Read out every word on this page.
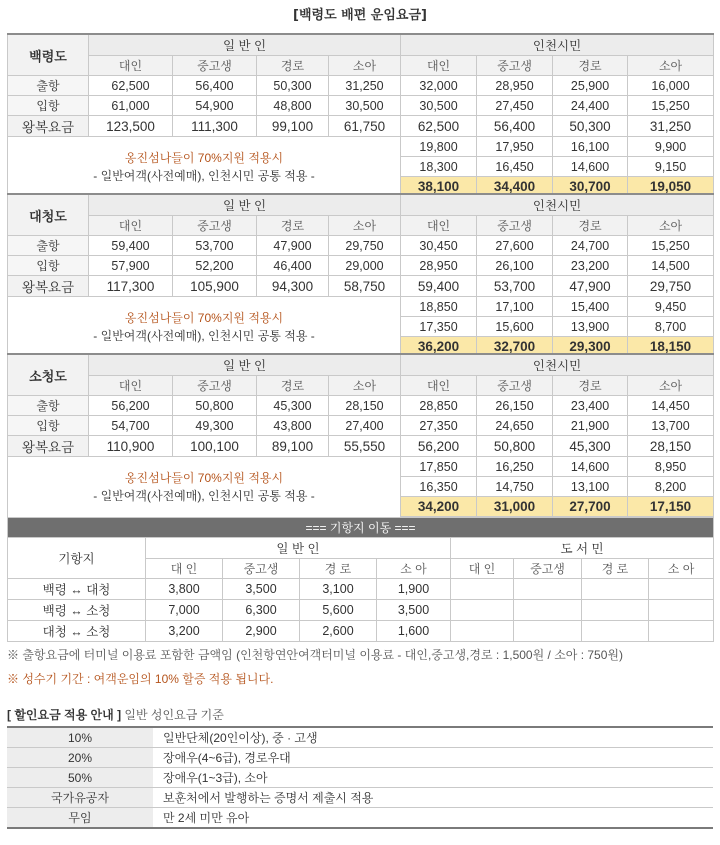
[백령도 배편 운임요금]
백령도	일 반 인				인천시민			
	대인	중고생	경로	소아	대인	중고생	경로	소아
출항	62,500	56,400	50,300	31,250	32,000	28,950	25,900	16,000
입항	61,000	54,900	48,800	30,500	30,500	27,450	24,400	15,250
왕복요금	123,500	111,300	99,100	61,750	62,500	56,400	50,300	31,250

옹진섬나들이 70%지원 적용시
- 일반여객(사전예매), 인천시민 공통 적용 -					19,800	17,950	16,100	9,900
					18,300	16,450	14,600	9,150
					38,100	34,400	30,700	19,050
대청도	일 반 인				인천시민			
	대인	중고생	경로	소아	대인	중고생	경로	소아
출항	59,400	53,700	47,900	29,750	30,450	27,600	24,700	15,250
입항	57,900	52,200	46,400	29,000	28,950	26,100	23,200	14,500
왕복요금	117,300	105,900	94,300	58,750	59,400	53,700	47,900	29,750

옹진섬나들이 70%지원 적용시
- 일반여객(사전예매), 인천시민 공통 적용 -					18,850	17,100	15,400	9,450
					17,350	15,600	13,900	8,700
					36,200	32,700	29,300	18,150
소청도	일 반 인				인천시민			
	대인	중고생	경로	소아	대인	중고생	경로	소아
출항	56,200	50,800	45,300	28,150	28,850	26,150	23,400	14,450
입항	54,700	49,300	43,800	27,400	27,350	24,650	21,900	13,700
왕복요금	110,900	100,100	89,100	55,550	56,200	50,800	45,300	28,150

옹진섬나들이 70%지원 적용시
- 일반여객(사전예매), 인천시민 공통 적용 -					17,850	16,250	14,600	8,950
					16,350	14,750	13,100	8,200
					34,200	31,000	27,700	17,150
=== 기항지 이동 ===								
기항지	일 반 인				도 서 민			
	대 인	중고생	경 로	소 아	대 인	중고생	경 로	소 아
백령 ↔ 대청	3,800	3,500	3,100	1,900				
백령 ↔ 소청	7,000	6,300	5,600	3,500				
대청 ↔ 소청	3,200	2,900	2,600	1,600				
※ 출항요금에 터미널 이용료 포함한 금액임 (인천항연안여객터미널 이용료 - 대인,중고생,경로 : 1,500원 / 소아 : 750원)
※ 성수기 기간 : 여객운임의 10% 할증 적용 됩니다.
[ 할인요금 적용 안내 ] 일반 성인요금 기준
10%	일반단체(20인이상), 중 · 고생
20%	장애우(4~6급), 경로우대
50%	장애우(1~3급), 소아
국가유공자	보훈처에서 발행하는 증명서 제출시 적용
무임	만 2세 미만 유아
